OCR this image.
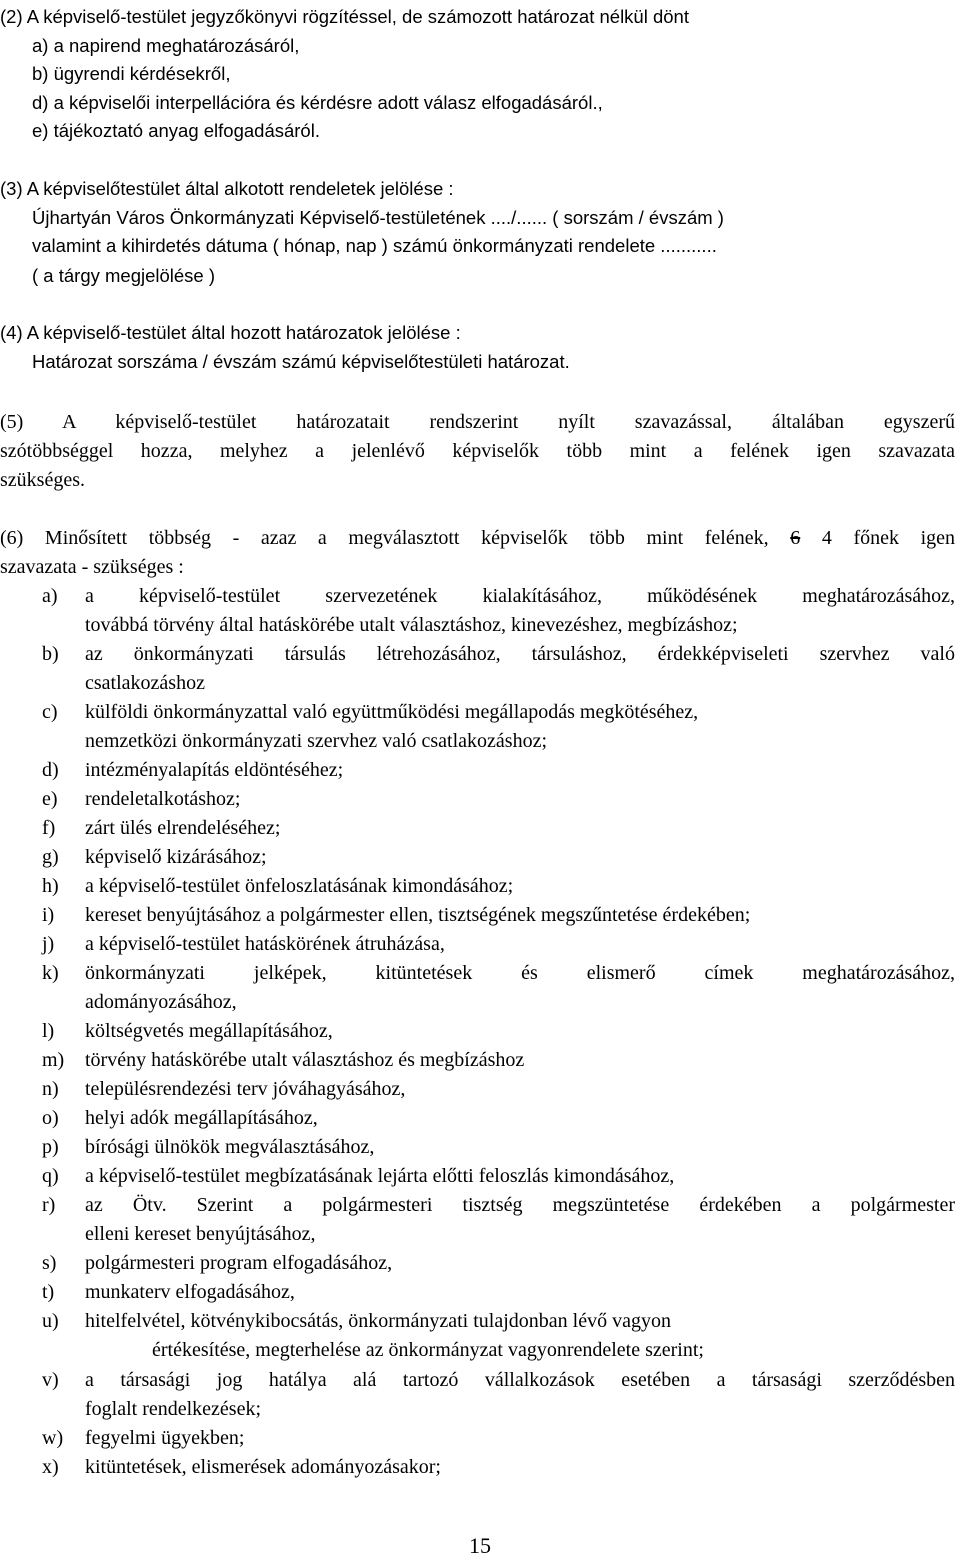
(2) A képviselő-testület jegyzőkönyvi rögzítéssel, de számozott határozat nélkül dönt
a) a napirend meghatározásáról,
b) ügyrendi kérdésekről,
d) a képviselői interpellációra és kérdésre adott válasz elfogadásáról.,
e) tájékoztató anyag elfogadásáról.
(3) A képviselőtestület által alkotott rendeletek jelölése :
Újhartyán Város Önkormányzati Képviselő-testületének ..../...... ( sorszám / évszám )
valamint a kihirdetés dátuma ( hónap, nap ) számú önkormányzati rendelete ...........
( a tárgy megjelölése )
(4) A képviselő-testület által hozott határozatok jelölése :
Határozat sorszáma / évszám számú képviselőtestületi határozat.
(5) A képviselő-testület határozatait rendszerint nyílt szavazással, általában egyszerű
szótöbbséggel hozza, melyhez a jelenlévő képviselők több mint a felének igen szavazata
szükséges.
(6) Minősített többség - azaz a megválasztott képviselők több mint felének, 6 4 főnek igen
szavazata - szükséges :
a) a képviselő-testület szervezetének kialakításához, működésének meghatározásához,
továbbá törvény által hatáskörébe utalt választáshoz, kinevezéshez, megbízáshoz;
b) az önkormányzati társulás létrehozásához, társuláshoz, érdekképviseleti szervhez való
csatlakozáshoz
c) külföldi önkormányzattal való együttműködési megállapodás megkötéséhez,
nemzetközi önkormányzati szervhez való csatlakozáshoz;
d) intézményalapítás eldöntéséhez;
e) rendeletalkotáshoz;
f) zárt ülés elrendeléséhez;
g) képviselő kizárásához;
h) a képviselő-testület önfeloszlatásának kimondásához;
i) kereset benyújtásához a polgármester ellen, tisztségének megszűntetése érdekében;
j) a képviselő-testület hatáskörének átruházása,
k) önkormányzati jelképek, kitüntetések és elismerő címek meghatározásához,
adományozásához,
l) költségvetés megállapításához,
m) törvény hatáskörébe utalt választáshoz és megbízáshoz
n) településrendezési terv jóváhagyásához,
o) helyi adók megállapításához,
p) bírósági ülnökök megválasztásához,
q) a képviselő-testület megbízatásának lejárta előtti feloszlás kimondásához,
r) az Ötv. Szerint a polgármesteri tisztség megszüntetése érdekében a polgármester
elleni kereset benyújtásához,
s) polgármesteri program elfogadásához,
t) munkaterv elfogadásához,
u) hitelfelvétel, kötvénykibocsátás, önkormányzati tulajdonban lévő vagyon
értékesítése, megterhelése az önkormányzat vagyonrendelete szerint;
v) a társasági jog hatálya alá tartozó vállalkozások esetében a társasági szerződésben
foglalt rendelkezések;
w) fegyelmi ügyekben;
x) kitüntetések, elismerések adományozásakor;
15
